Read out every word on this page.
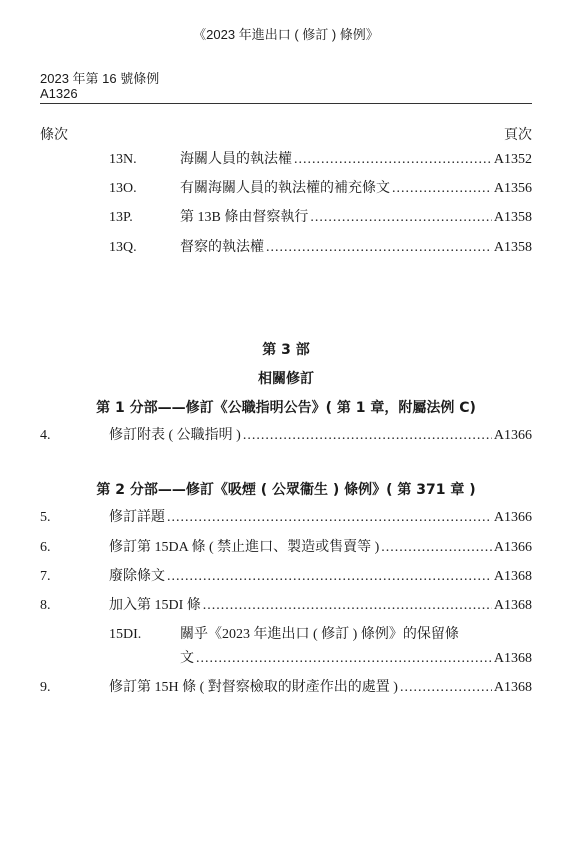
《2023 年進出口 ( 修訂 ) 條例》
2023 年第 16 號條例
A1326
條次	頁次
13N.	海關人員的執法權 .....	A1352
13O.	有關海關人員的執法權的補充條文 .....	A1356
13P.	第 13B 條由督察執行 .....	A1358
13Q.	督察的執法權 .....	A1358
第 3 部
相關修訂
第 1 分部——修訂《公職指明公告》( 第 1 章，附屬法例 C)
4.	修訂附表 ( 公職指明 ) .....	A1366
第 2 分部——修訂《吸煙 ( 公眾衞生 ) 條例》( 第 371 章 )
5.	修訂詳題 .....	A1366
6.	修訂第 15DA 條 ( 禁止進口、製造或售賣等 ) .....	A1366
7.	廢除條文 .....	A1368
8.	加入第 15DI 條 .....	A1368
15DI.	關乎《2023 年進出口 ( 修訂 ) 條例》的保留條
文 .....	A1368
9.	修訂第 15H 條 ( 對督察檢取的財產作出的處置 ) .....	A1368
